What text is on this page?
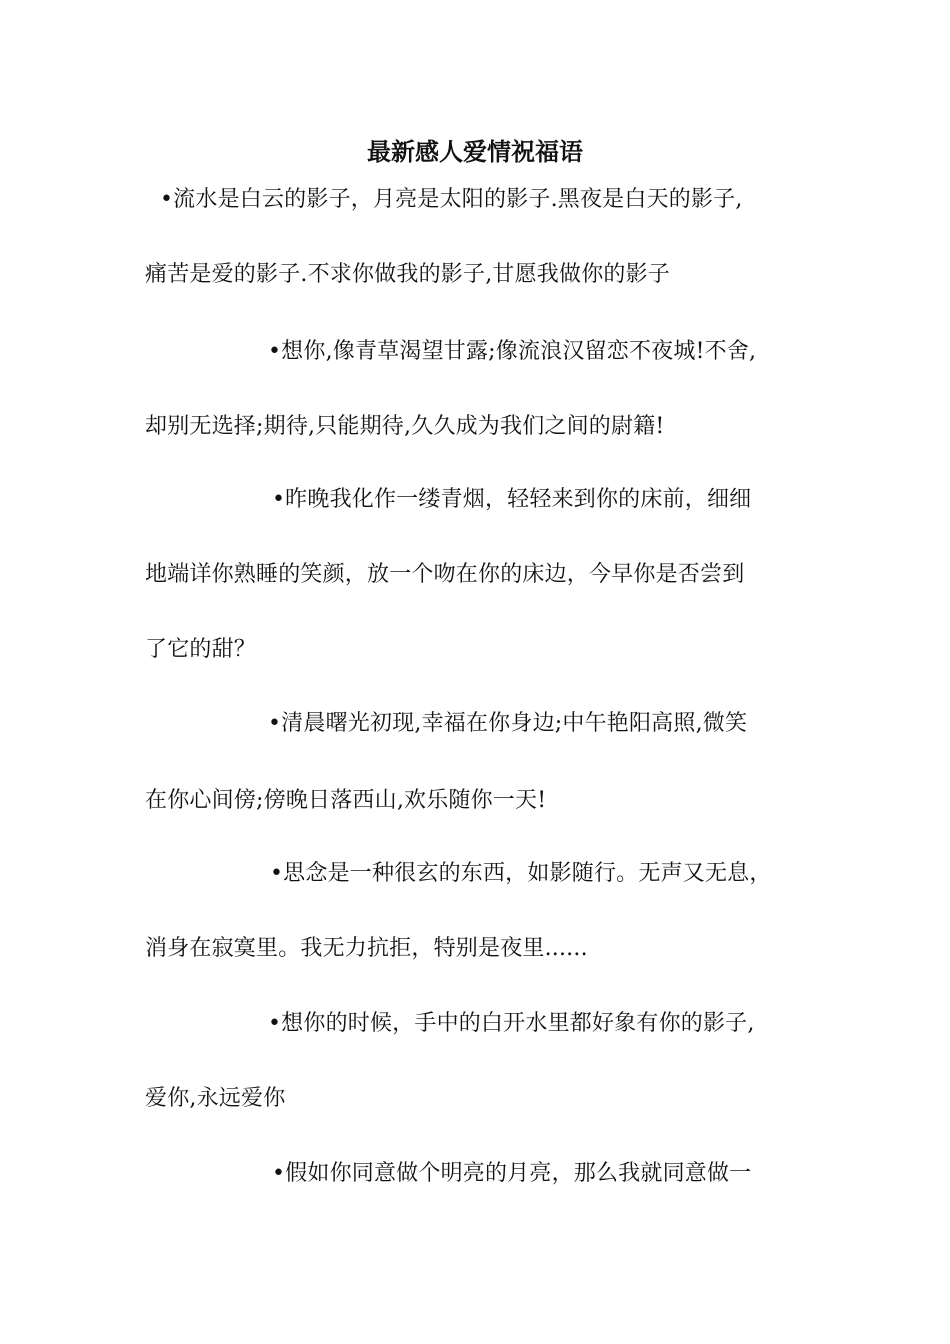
最新感人爱情祝福语
•流水是白云的影子，月亮是太阳的影子.黑夜是白天的影子,
痛苦是爱的影子.不求你做我的影子,甘愿我做你的影子
•想你,像青草渴望甘露;像流浪汉留恋不夜城!不舍,
却别无选择;期待,只能期待,久久成为我们之间的尉籍!
•昨晚我化作一缕青烟，轻轻来到你的床前，细细
地端详你熟睡的笑颜，放一个吻在你的床边，今早你是否尝到
了它的甜？
•清晨曙光初现,幸福在你身边;中午艳阳高照,微笑
在你心间傍;傍晚日落西山,欢乐随你一天!
•思念是一种很玄的东西，如影随行。无声又无息，
消身在寂寞里。我无力抗拒，特别是夜里......
•想你的时候，手中的白开水里都好象有你的影子,
爱你,永远爱你
•假如你同意做个明亮的月亮，那么我就同意做一
